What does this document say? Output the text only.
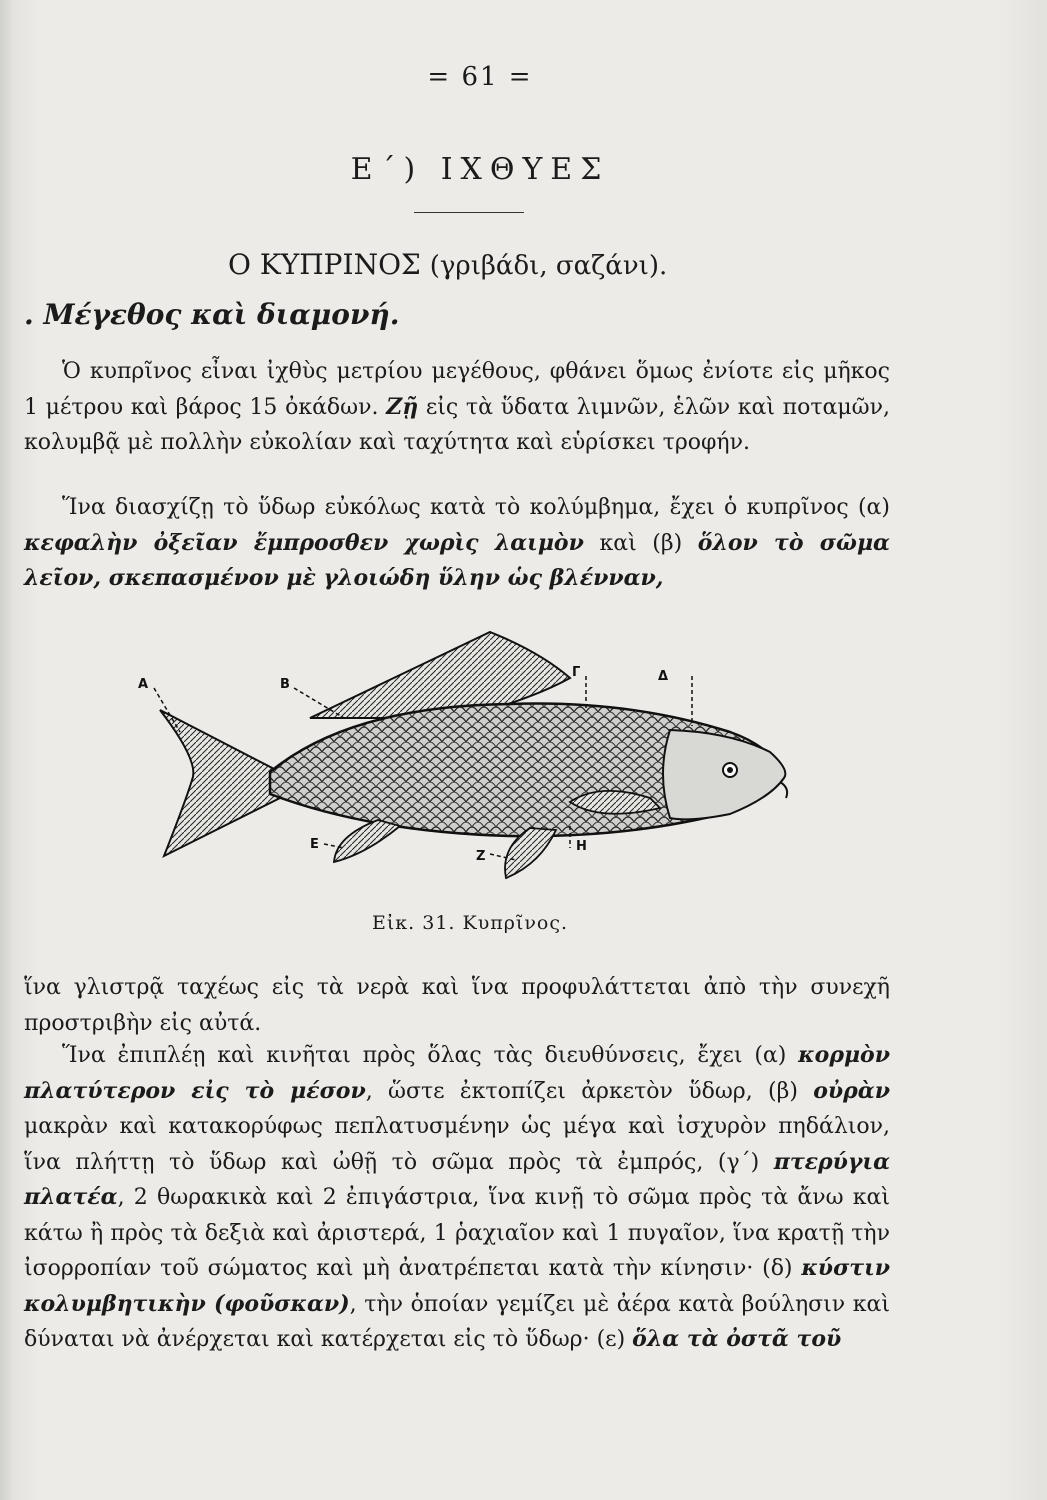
= 61 =
Ε΄) ΙΧΘΥΕΣ
Ο ΚΥΠΡΙΝΟΣ (γριβάδι, σαζάνι).
. Μέγεθος καὶ διαμονή.
Ὁ κυπρῖνος εἶναι ἰχθὺς μετρίου μεγέθους, φθάνει ὅμως ἐνίοτε εἰς μῆκος 1 μέτρου καὶ βάρος 15 ὀκάδων. Ζῇ εἰς τὰ ὕδατα λιμνῶν, ἑλῶν καὶ ποταμῶν, κολυμβᾷ μὲ πολλὴν εὐκολίαν καὶ ταχύτητα καὶ εὑρίσκει τροφήν.
Ἵνα διασχίζῃ τὸ ὕδωρ εὐκόλως κατὰ τὸ κολύμβημα, ἔχει ὁ κυπρῖνος (α) κεφαλὴν ὀξεῖαν ἔμπροσθεν χωρὶς λαιμὸν καὶ (β) ὅλον τὸ σῶμα λεῖον, σκεπασμένον μὲ γλοιώδη ὕλην ὡς βλένναν,
Α	Β
Γ	Δ
Ε
Ζ
Η
Εἰκ. 31. Κυπρῖνος.
ἵνα γλιστρᾷ ταχέως εἰς τὰ νερὰ καὶ ἵνα προφυλάττεται ἀπὸ τὴν συνεχῆ προστριβὴν εἰς αὐτά.
Ἵνα ἐπιπλέῃ καὶ κινῆται πρὸς ὅλας τὰς διευθύνσεις, ἔχει (α) κορμὸν πλατύτερον εἰς τὸ μέσον, ὥστε ἐκτοπίζει ἀρκετὸν ὕδωρ, (β) οὐρὰν μακρὰν καὶ κατακορύφως πεπλατυσμένην ὡς μέγα καὶ ἰσχυρὸν πηδάλιον, ἵνα πλήττῃ τὸ ὕδωρ καὶ ὠθῇ τὸ σῶμα πρὸς τὰ ἐμπρός, (γ΄) πτερύγια πλατέα, 2 θωρακικὰ καὶ 2 ἐπιγάστρια, ἵνα κινῇ τὸ σῶμα πρὸς τὰ ἄνω καὶ κάτω ἢ πρὸς τὰ δεξιὰ καὶ ἀριστερά, 1 ῥαχιαῖον καὶ 1 πυγαῖον, ἵνα κρατῇ τὴν ἰσορροπίαν τοῦ σώματος καὶ μὴ ἀνατρέπεται κατὰ τὴν κίνησιν· (δ) κύστιν κολυμβητικὴν (φοῦσκαν), τὴν ὁποίαν γεμίζει μὲ ἀέρα κατὰ βούλησιν καὶ δύναται νὰ ἀνέρχεται καὶ κατέρχεται εἰς τὸ ὕδωρ· (ε) ὅλα τὰ ὀστᾶ τοῦ
